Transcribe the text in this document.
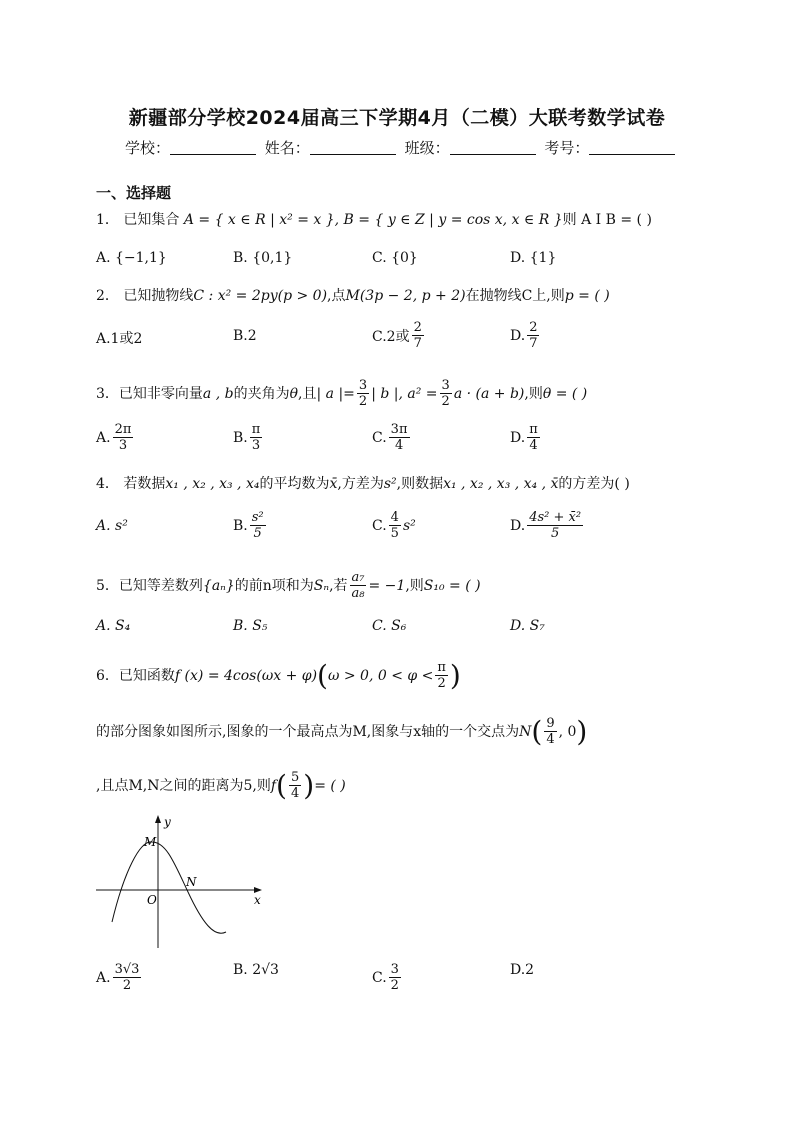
新疆部分学校2024届高三下学期4月（二模）大联考数学试卷
学校：	姓名：	班级：	考号：
一、选择题
1． 已知集合 A = { x ∈ R | x² = x }, B = { y ∈ Z | y = cos x, x ∈ R }则 A I B = ( )
A. {−1,1}	B. {0,1}	C. {0}	D. {1}
2． 已知抛物线C : x² = 2py(p > 0),点M(3p − 2, p + 2)在抛物线C上,则p = ( )
A.1或2	B.2	C.2或 $\frac{2}{7}$	D. $\frac{2}{7}$
3． 已知非零向量 a , b 的夹角为 θ ,且 | a |= $\frac{3}{2}$ | b | , $a^2 = \frac{3}{2}$ a · (a + b) ,则 θ = ( )
A. $\frac{2\pi}{3}$	B. $\frac{\pi}{3}$	C. $\frac{3\pi}{4}$	D. $\frac{\pi}{4}$
4． 若数据x₁ , x₂ , x₃ , x₄的平均数为x̄,方差为s²,则数据x₁ , x₂ , x₃ , x₄ , x̄的方差为( )
A. s²	B. $\frac{\text{s²}}{5}$	C. $\frac{4}{5} s^2$	D. $\frac{\text{4s² + x̄²}}{5}$
5． 已知等差数列 {aₙ} 的前n项和为 Sₙ ,若 $\frac{\text{a₇}}{\text{a₈}} = -1$ ,则 S₁₀ = ( )
A. S₄	B. S₅	C. S₆	D. S₇
6． 已知函数 f (x) = 4cos(ωx + φ) ( ω > 0, $0 < \varphi < \frac{\pi}{2}$ )
的部分图象如图所示,图象的一个最高点为M,图象与x轴的一个交点为 N ( $\frac{9}{4}$ , 0 )
,且点M,N之间的距离为5,则 f ( $\frac{5}{4}$ ) = ( )
y
x
O
M
N
A. $\frac{3√3}{2}$	B.
2√3	C. $\frac{3}{2}$	D.2
